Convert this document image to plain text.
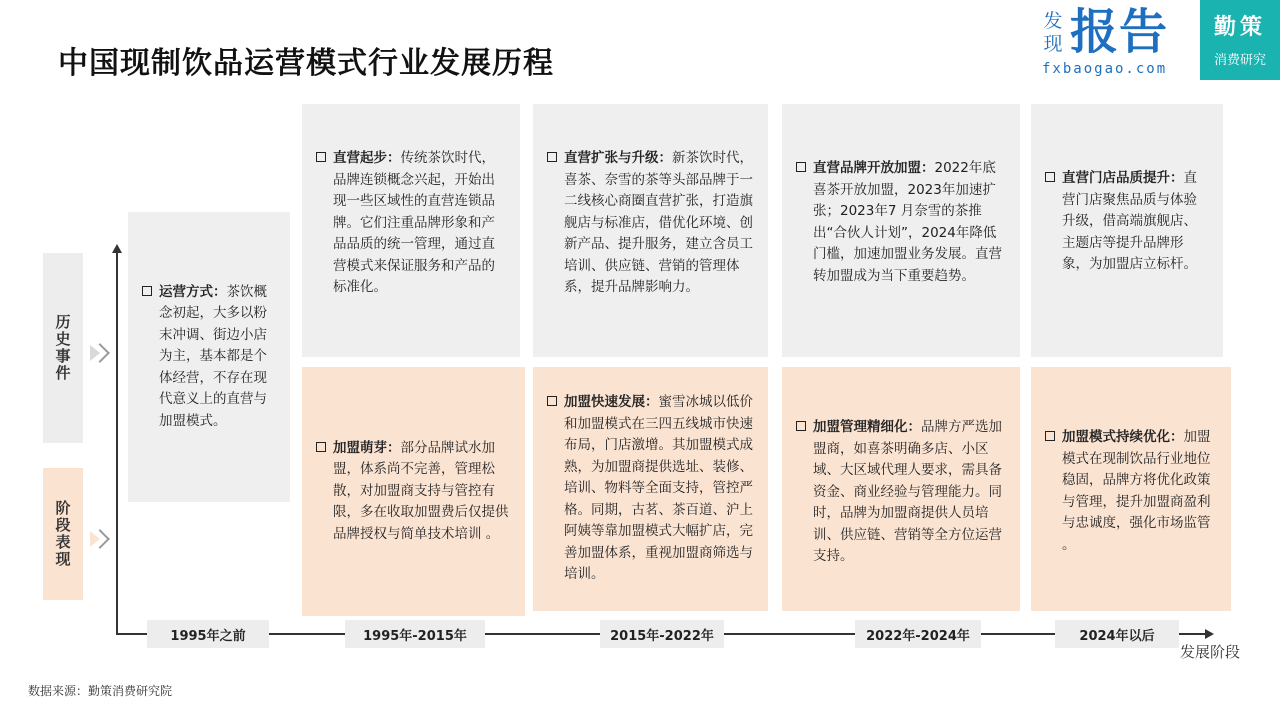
中国现制饮品运营模式行业发展历程
发现 报告
fxbaogao.com
勤策
消费研究
历史事件
阶段表现
发展阶段
1995年之前	1995年-2015年	2015年-2022年	2022年-2024年	2024年以后
运营方式：茶饮概念初起，大多以粉末冲调、街边小店为主，基本都是个体经营，不存在现代意义上的直营与加盟模式。
直营起步：传统茶饮时代，品牌连锁概念兴起，开始出现一些区域性的直营连锁品牌。它们注重品牌形象和产品品质的统一管理，通过直营模式来保证服务和产品的标准化。
直营扩张与升级：新茶饮时代，喜茶、奈雪的茶等头部品牌于一二线核心商圈直营扩张，打造旗舰店与标准店，借优化环境、创新产品、提升服务，建立含员工培训、供应链、营销的管理体系，提升品牌影响力。
直营品牌开放加盟：2022年底喜茶开放加盟，2023年加速扩张；2023年7 月奈雪的茶推出“合伙人计划”，2024年降低门槛，加速加盟业务发展。直营转加盟成为当下重要趋势。
直营门店品质提升：直营门店聚焦品质与体验升级，借高端旗舰店、主题店等提升品牌形象，为加盟店立标杆。
加盟萌芽：部分品牌试水加盟，体系尚不完善，管理松散，对加盟商支持与管控有限，多在收取加盟费后仅提供品牌授权与简单技术培训 。
加盟快速发展：蜜雪冰城以低价和加盟模式在三四五线城市快速布局，门店激增。其加盟模式成熟，为加盟商提供选址、装修、培训、物料等全面支持，管控严格。同期，古茗、茶百道、沪上阿姨等靠加盟模式大幅扩店，完善加盟体系，重视加盟商筛选与培训。
加盟管理精细化：品牌方严选加盟商，如喜茶明确多店、小区域、大区域代理人要求，需具备资金、商业经验与管理能力。同时，品牌为加盟商提供人员培训、供应链、营销等全方位运营支持。
加盟模式持续优化：加盟模式在现制饮品行业地位稳固，品牌方将优化政策与管理，提升加盟商盈利与忠诚度，强化市场监管 。
数据来源：勤策消费研究院
